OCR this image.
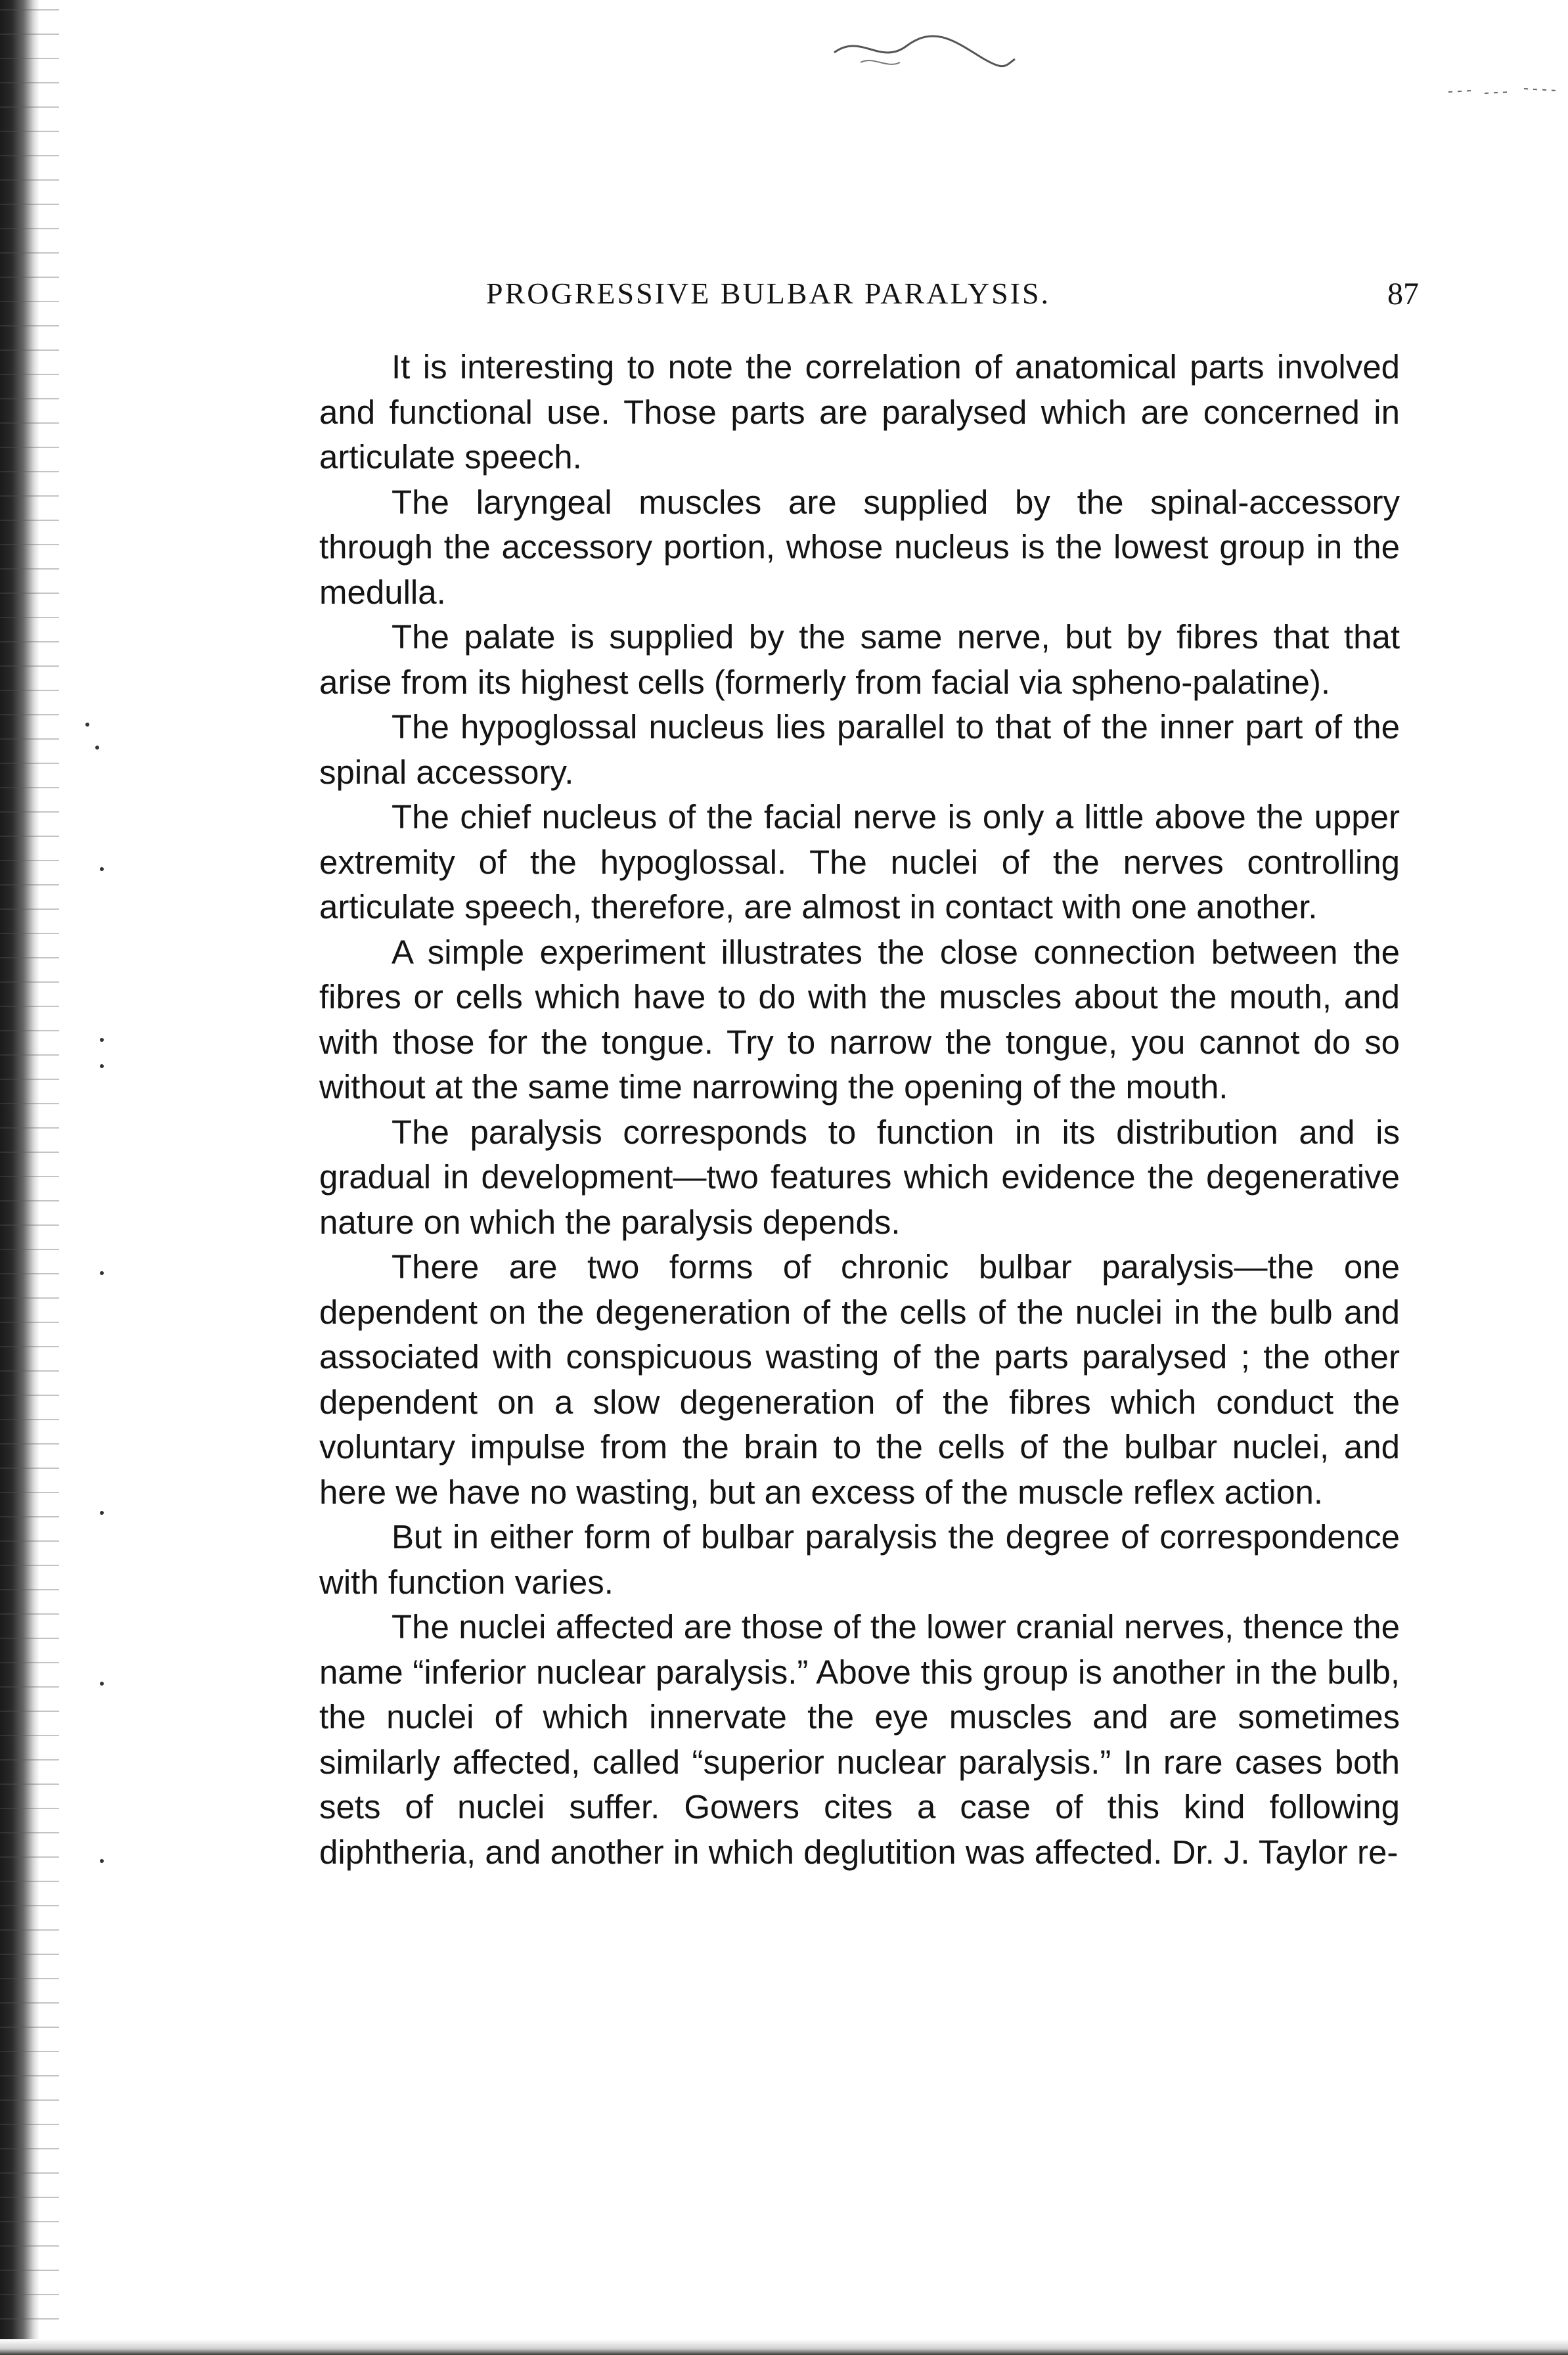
PROGRESSIVE BULBAR PARALYSIS.	87

It is interesting to note the correlation of anatomical parts involved and functional use. Those parts are paralysed which are concerned in articulate speech.

The laryngeal muscles are supplied by the spinal-accessory through the accessory portion, whose nucleus is the lowest group in the medulla.

The palate is supplied by the same nerve, but by fibres that that arise from its highest cells (formerly from facial via spheno-palatine).

The hypoglossal nucleus lies parallel to that of the inner part of the spinal accessory.

The chief nucleus of the facial nerve is only a little above the upper extremity of the hypoglossal. The nuclei of the nerves controlling articulate speech, therefore, are almost in contact with one another.

A simple experiment illustrates the close connection between the fibres or cells which have to do with the muscles about the mouth, and with those for the tongue. Try to narrow the tongue, you cannot do so without at the same time narrowing the opening of the mouth.

The paralysis corresponds to function in its distribution and is gradual in development—two features which evidence the degenerative nature on which the paralysis depends.

There are two forms of chronic bulbar paralysis—the one dependent on the degeneration of the cells of the nuclei in the bulb and associated with conspicuous wasting of the parts paralysed ; the other dependent on a slow degeneration of the fibres which conduct the voluntary impulse from the brain to the cells of the bulbar nuclei, and here we have no wasting, but an excess of the muscle reflex action.

But in either form of bulbar paralysis the degree of correspondence with function varies.

The nuclei affected are those of the lower cranial nerves, thence the name “inferior nuclear paralysis.” Above this group is another in the bulb, the nuclei of which innervate the eye muscles and are sometimes similarly affected, called “superior nuclear paralysis.” In rare cases both sets of nuclei suffer. Gowers cites a case of this kind following diphtheria, and another in which deglutition was affected. Dr. J. Taylor re-
